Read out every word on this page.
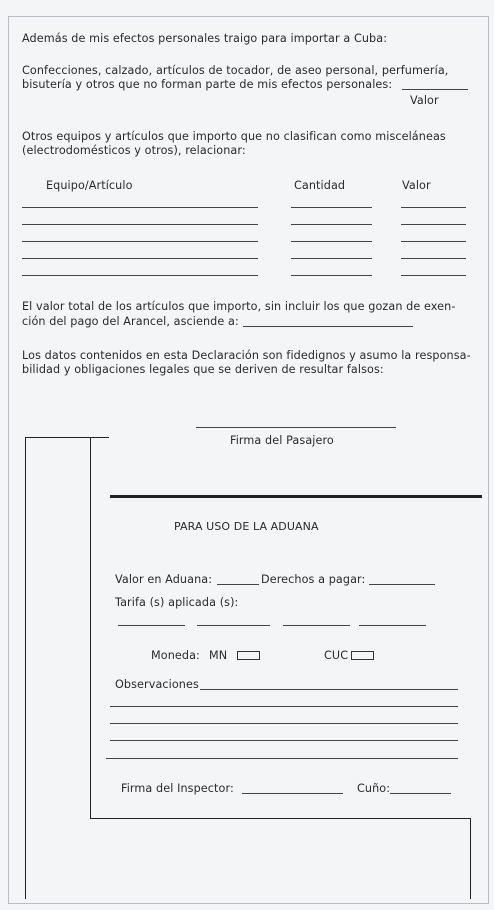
Además de mis efectos personales traigo para importar a Cuba:
Confecciones, calzado, artículos de tocador, de aseo personal, perfumería,
bisutería y otros que no forman parte de mis efectos personales:
Valor
Otros equipos y artículos que importo que no clasifican como misceláneas
(electrodomésticos y otros), relacionar:
Equipo/Artículo	Cantidad	Valor
El valor total de los artículos que importo, sin incluir los que gozan de exen-
ción del pago del Arancel, asciende a:
Los datos contenidos en esta Declaración son fidedignos y asumo la responsa-
bilidad y obligaciones legales que se deriven de resultar falsos:
Firma del Pasajero
PARA USO DE LA ADUANA
Valor en Aduana:	Derechos a pagar:
Tarifa (s) aplicada (s):
Moneda: MN	CUC
Observaciones
Firma del Inspector:	Cuño:
